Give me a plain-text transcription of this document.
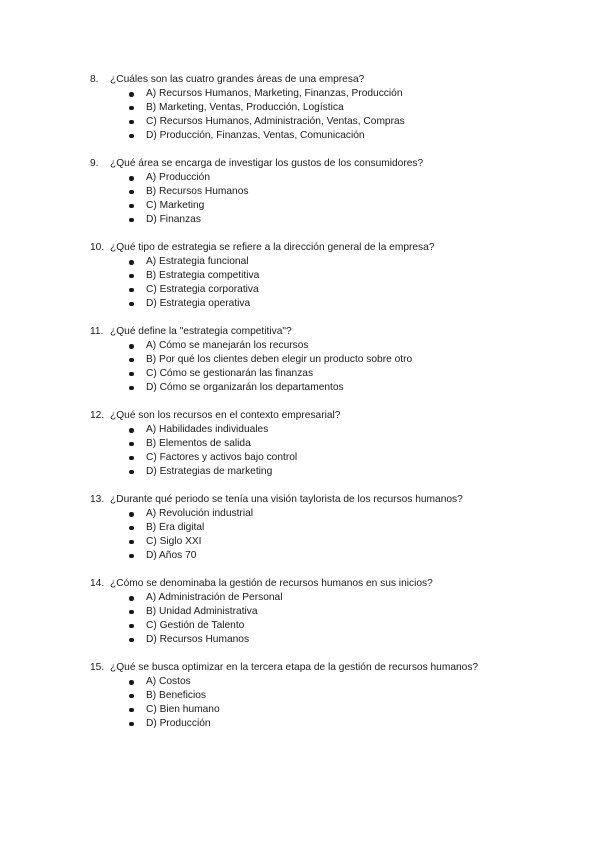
8.	¿Cuáles son las cuatro grandes áreas de una empresa?
A) Recursos Humanos, Marketing, Finanzas, Producción
B) Marketing, Ventas, Producción, Logística
C) Recursos Humanos, Administración, Ventas, Compras
D) Producción, Finanzas, Ventas, Comunicación
9.	¿Qué área se encarga de investigar los gustos de los consumidores?
A) Producción
B) Recursos Humanos
C) Marketing
D) Finanzas
10. ¿Qué tipo de estrategia se refiere a la dirección general de la empresa?
A) Estrategia funcional
B) Estrategia competitiva
C) Estrategia corporativa
D) Estrategia operativa
11. ¿Qué define la "estrategia competitiva"?
A) Cómo se manejarán los recursos
B) Por qué los clientes deben elegir un producto sobre otro
C) Cómo se gestionarán las finanzas
D) Cómo se organizarán los departamentos
12. ¿Qué son los recursos en el contexto empresarial?
A) Habilidades individuales
B) Elementos de salida
C) Factores y activos bajo control
D) Estrategias de marketing
13. ¿Durante qué periodo se tenía una visión taylorista de los recursos humanos?
A) Revolución industrial
B) Era digital
C) Siglo XXI
D) Años 70
14. ¿Cómo se denominaba la gestión de recursos humanos en sus inicios?
A) Administración de Personal
B) Unidad Administrativa
C) Gestión de Talento
D) Recursos Humanos
15. ¿Qué se busca optimizar en la tercera etapa de la gestión de recursos humanos?
A) Costos
B) Beneficios
C) Bien humano
D) Producción
